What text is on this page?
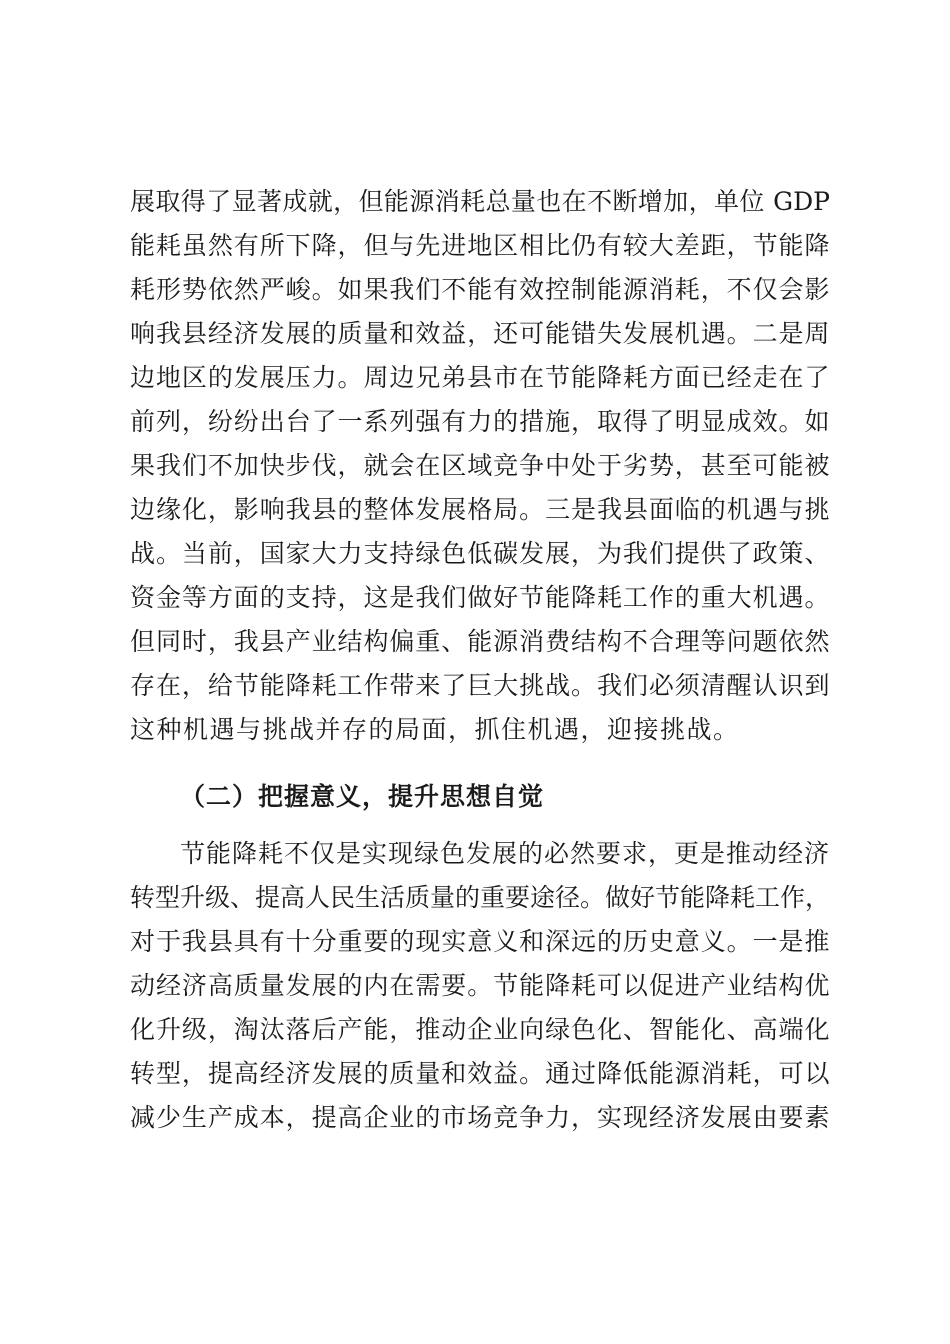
展取得了显著成就，但能源消耗总量也在不断增加，单位 GDP
能耗虽然有所下降，但与先进地区相比仍有较大差距，节能降
耗形势依然严峻。如果我们不能有效控制能源消耗，不仅会影
响我县经济发展的质量和效益，还可能错失发展机遇。二是周
边地区的发展压力。周边兄弟县市在节能降耗方面已经走在了
前列，纷纷出台了一系列强有力的措施，取得了明显成效。如
果我们不加快步伐，就会在区域竞争中处于劣势，甚至可能被
边缘化，影响我县的整体发展格局。三是我县面临的机遇与挑
战。当前，国家大力支持绿色低碳发展，为我们提供了政策、
资金等方面的支持，这是我们做好节能降耗工作的重大机遇。
但同时，我县产业结构偏重、能源消费结构不合理等问题依然
存在，给节能降耗工作带来了巨大挑战。我们必须清醒认识到
这种机遇与挑战并存的局面，抓住机遇，迎接挑战。
（二）把握意义，提升思想自觉
节能降耗不仅是实现绿色发展的必然要求，更是推动经济
转型升级、提高人民生活质量的重要途径。做好节能降耗工作，
对于我县具有十分重要的现实意义和深远的历史意义。一是推
动经济高质量发展的内在需要。节能降耗可以促进产业结构优
化升级，淘汰落后产能，推动企业向绿色化、智能化、高端化
转型，提高经济发展的质量和效益。通过降低能源消耗，可以
减少生产成本，提高企业的市场竞争力，实现经济发展由要素
